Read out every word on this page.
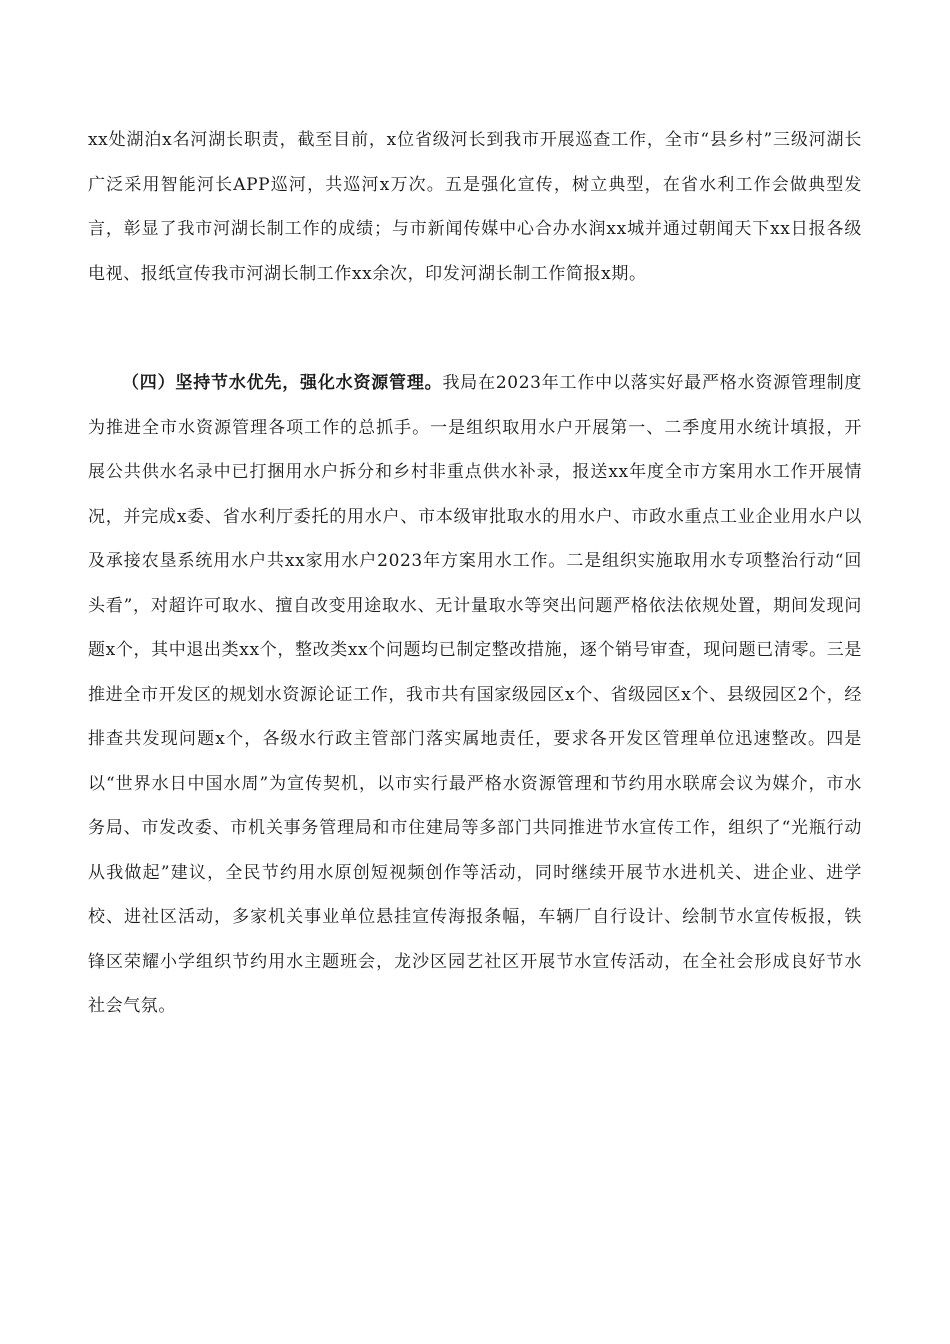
xx处湖泊x名河湖长职责，截至目前，x位省级河长到我市开展巡查工作，全市“县乡村”三级河湖长广泛采用智能河长APP巡河，共巡河x万次。五是强化宣传，树立典型，在省水利工作会做典型发言，彰显了我市河湖长制工作的成绩；与市新闻传媒中心合办水润xx城并通过朝闻天下xx日报各级电视、报纸宣传我市河湖长制工作xx余次，印发河湖长制工作简报x期。

（四）坚持节水优先，强化水资源管理。我局在2023年工作中以落实好最严格水资源管理制度为推进全市水资源管理各项工作的总抓手。一是组织取用水户开展第一、二季度用水统计填报，开展公共供水名录中已打捆用水户拆分和乡村非重点供水补录，报送xx年度全市方案用水工作开展情况，并完成x委、省水利厅委托的用水户、市本级审批取水的用水户、市政水重点工业企业用水户以及承接农垦系统用水户共xx家用水户2023年方案用水工作。二是组织实施取用水专项整治行动“回头看”，对超许可取水、擅自改变用途取水、无计量取水等突出问题严格依法依规处置，期间发现问题x个，其中退出类xx个，整改类xx个问题均已制定整改措施，逐个销号审查，现问题已清零。三是推进全市开发区的规划水资源论证工作，我市共有国家级园区x个、省级园区x个、县级园区2个，经排查共发现问题x个，各级水行政主管部门落实属地责任，要求各开发区管理单位迅速整改。四是以“世界水日中国水周”为宣传契机，以市实行最严格水资源管理和节约用水联席会议为媒介，市水务局、市发改委、市机关事务管理局和市住建局等多部门共同推进节水宣传工作，组织了“光瓶行动从我做起”建议，全民节约用水原创短视频创作等活动，同时继续开展节水进机关、进企业、进学校、进社区活动，多家机关事业单位悬挂宣传海报条幅，车辆厂自行设计、绘制节水宣传板报，铁锋区荣耀小学组织节约用水主题班会，龙沙区园艺社区开展节水宣传活动，在全社会形成良好节水社会气氛。
